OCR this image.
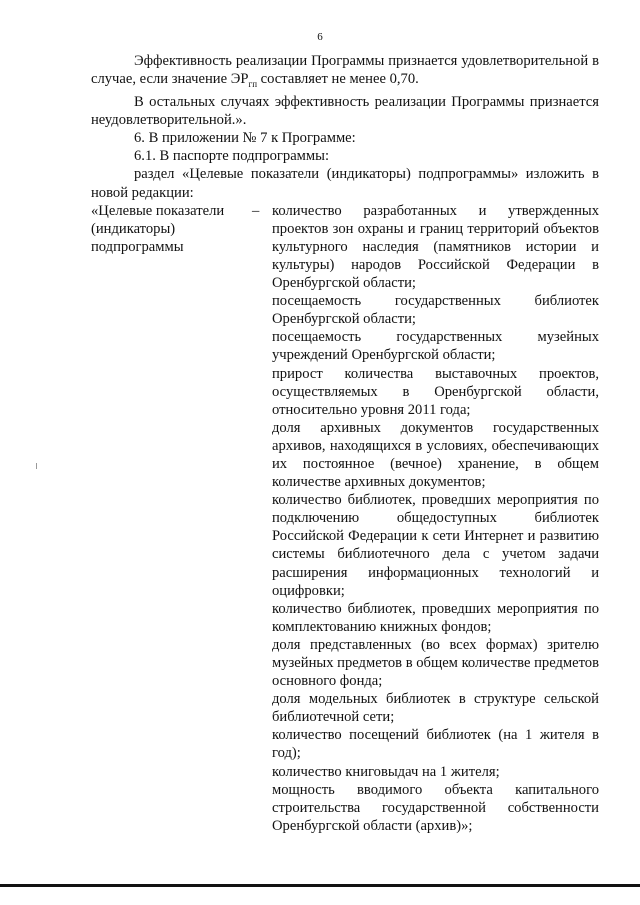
6

Эффективность реализации Программы признается удовлетворительной в случае, если значение $ЭР_{гп}$ составляет не менее 0,70.

В остальных случаях эффективность реализации Программы признается неудовлетворительной.».

6. В приложении № 7 к Программе:

6.1. В паспорте подпрограммы:

раздел «Целевые показатели (индикаторы) подпрограммы» изложить в новой редакции:

«Целевые показатели
(индикаторы)
подпрограммы
– количество разработанных и утвержденных проектов зон охраны и границ территорий объектов культурного наследия (памятников истории и культуры) народов Российской Федерации в Оренбургской области;

посещаемость государственных библиотек Оренбургской области;

посещаемость государственных музейных учреждений Оренбургской области;

прирост количества выставочных проектов, осуществляемых в Оренбургской области, относительно уровня 2011 года;

доля архивных документов государственных архивов, находящихся в условиях, обеспечивающих их постоянное (вечное) хранение, в общем количестве архивных документов;

количество библиотек, проведших мероприятия по подключению общедоступных библиотек Российской Федерации к сети Интернет и развитию системы библиотечного дела с учетом задачи расширения информационных технологий и оцифровки;

количество библиотек, проведших мероприятия по комплектованию книжных фондов;

доля представленных (во всех формах) зрителю музейных предметов в общем количестве предметов основного фонда;

доля модельных библиотек в структуре сельской библиотечной сети;

количество посещений библиотек (на 1 жителя в год);

количество книговыдач на 1 жителя;

мощность вводимого объекта капитального строительства государственной собственности Оренбургской области (архив)»;
